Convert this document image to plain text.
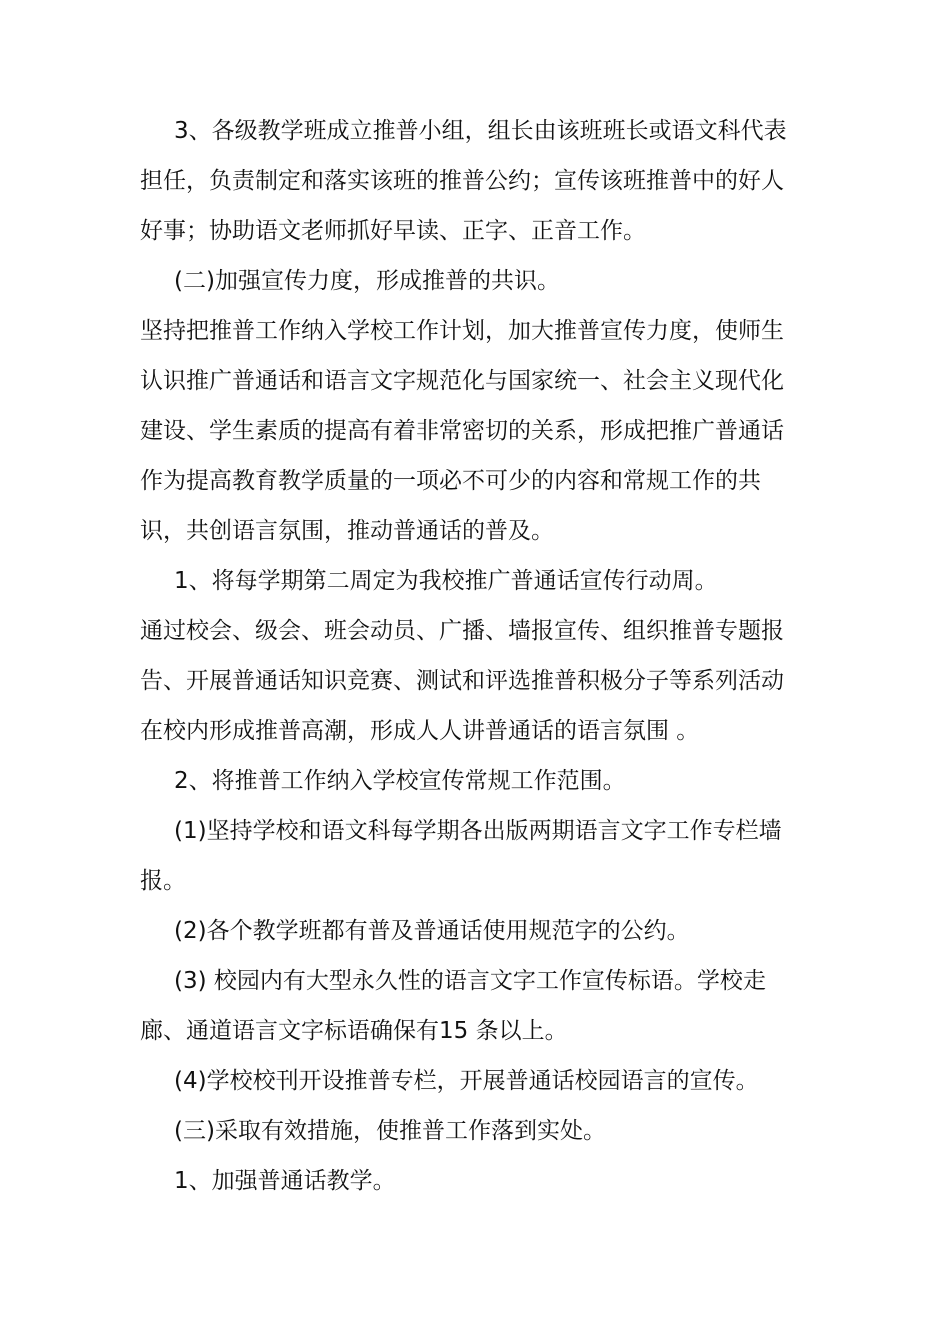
3、各级教学班成立推普小组，组长由该班班长或语文科代表
担任，负责制定和落实该班的推普公约；宣传该班推普中的好人
好事；协助语文老师抓好早读、正字、正音工作。
(二)加强宣传力度，形成推普的共识。
坚持把推普工作纳入学校工作计划，加大推普宣传力度，使师生
认识推广普通话和语言文字规范化与国家统一、社会主义现代化
建设、学生素质的提高有着非常密切的关系，形成把推广普通话
作为提高教育教学质量的一项必不可少的内容和常规工作的共
识，共创语言氛围，推动普通话的普及。
1、将每学期第二周定为我校推广普通话宣传行动周。
通过校会、级会、班会动员、广播、墙报宣传、组织推普专题报
告、开展普通话知识竞赛、测试和评选推普积极分子等系列活动
在校内形成推普高潮，形成人人讲普通话的语言氛围 。
2、将推普工作纳入学校宣传常规工作范围。
(1)坚持学校和语文科每学期各出版两期语言文字工作专栏墙
报。
(2)各个教学班都有普及普通话使用规范字的公约。
(3) 校园内有大型永久性的语言文字工作宣传标语。学校走
廊、通道语言文字标语确保有15 条以上。
(4)学校校刊开设推普专栏，开展普通话校园语言的宣传。
(三)采取有效措施，使推普工作落到实处。
1、加强普通话教学。
